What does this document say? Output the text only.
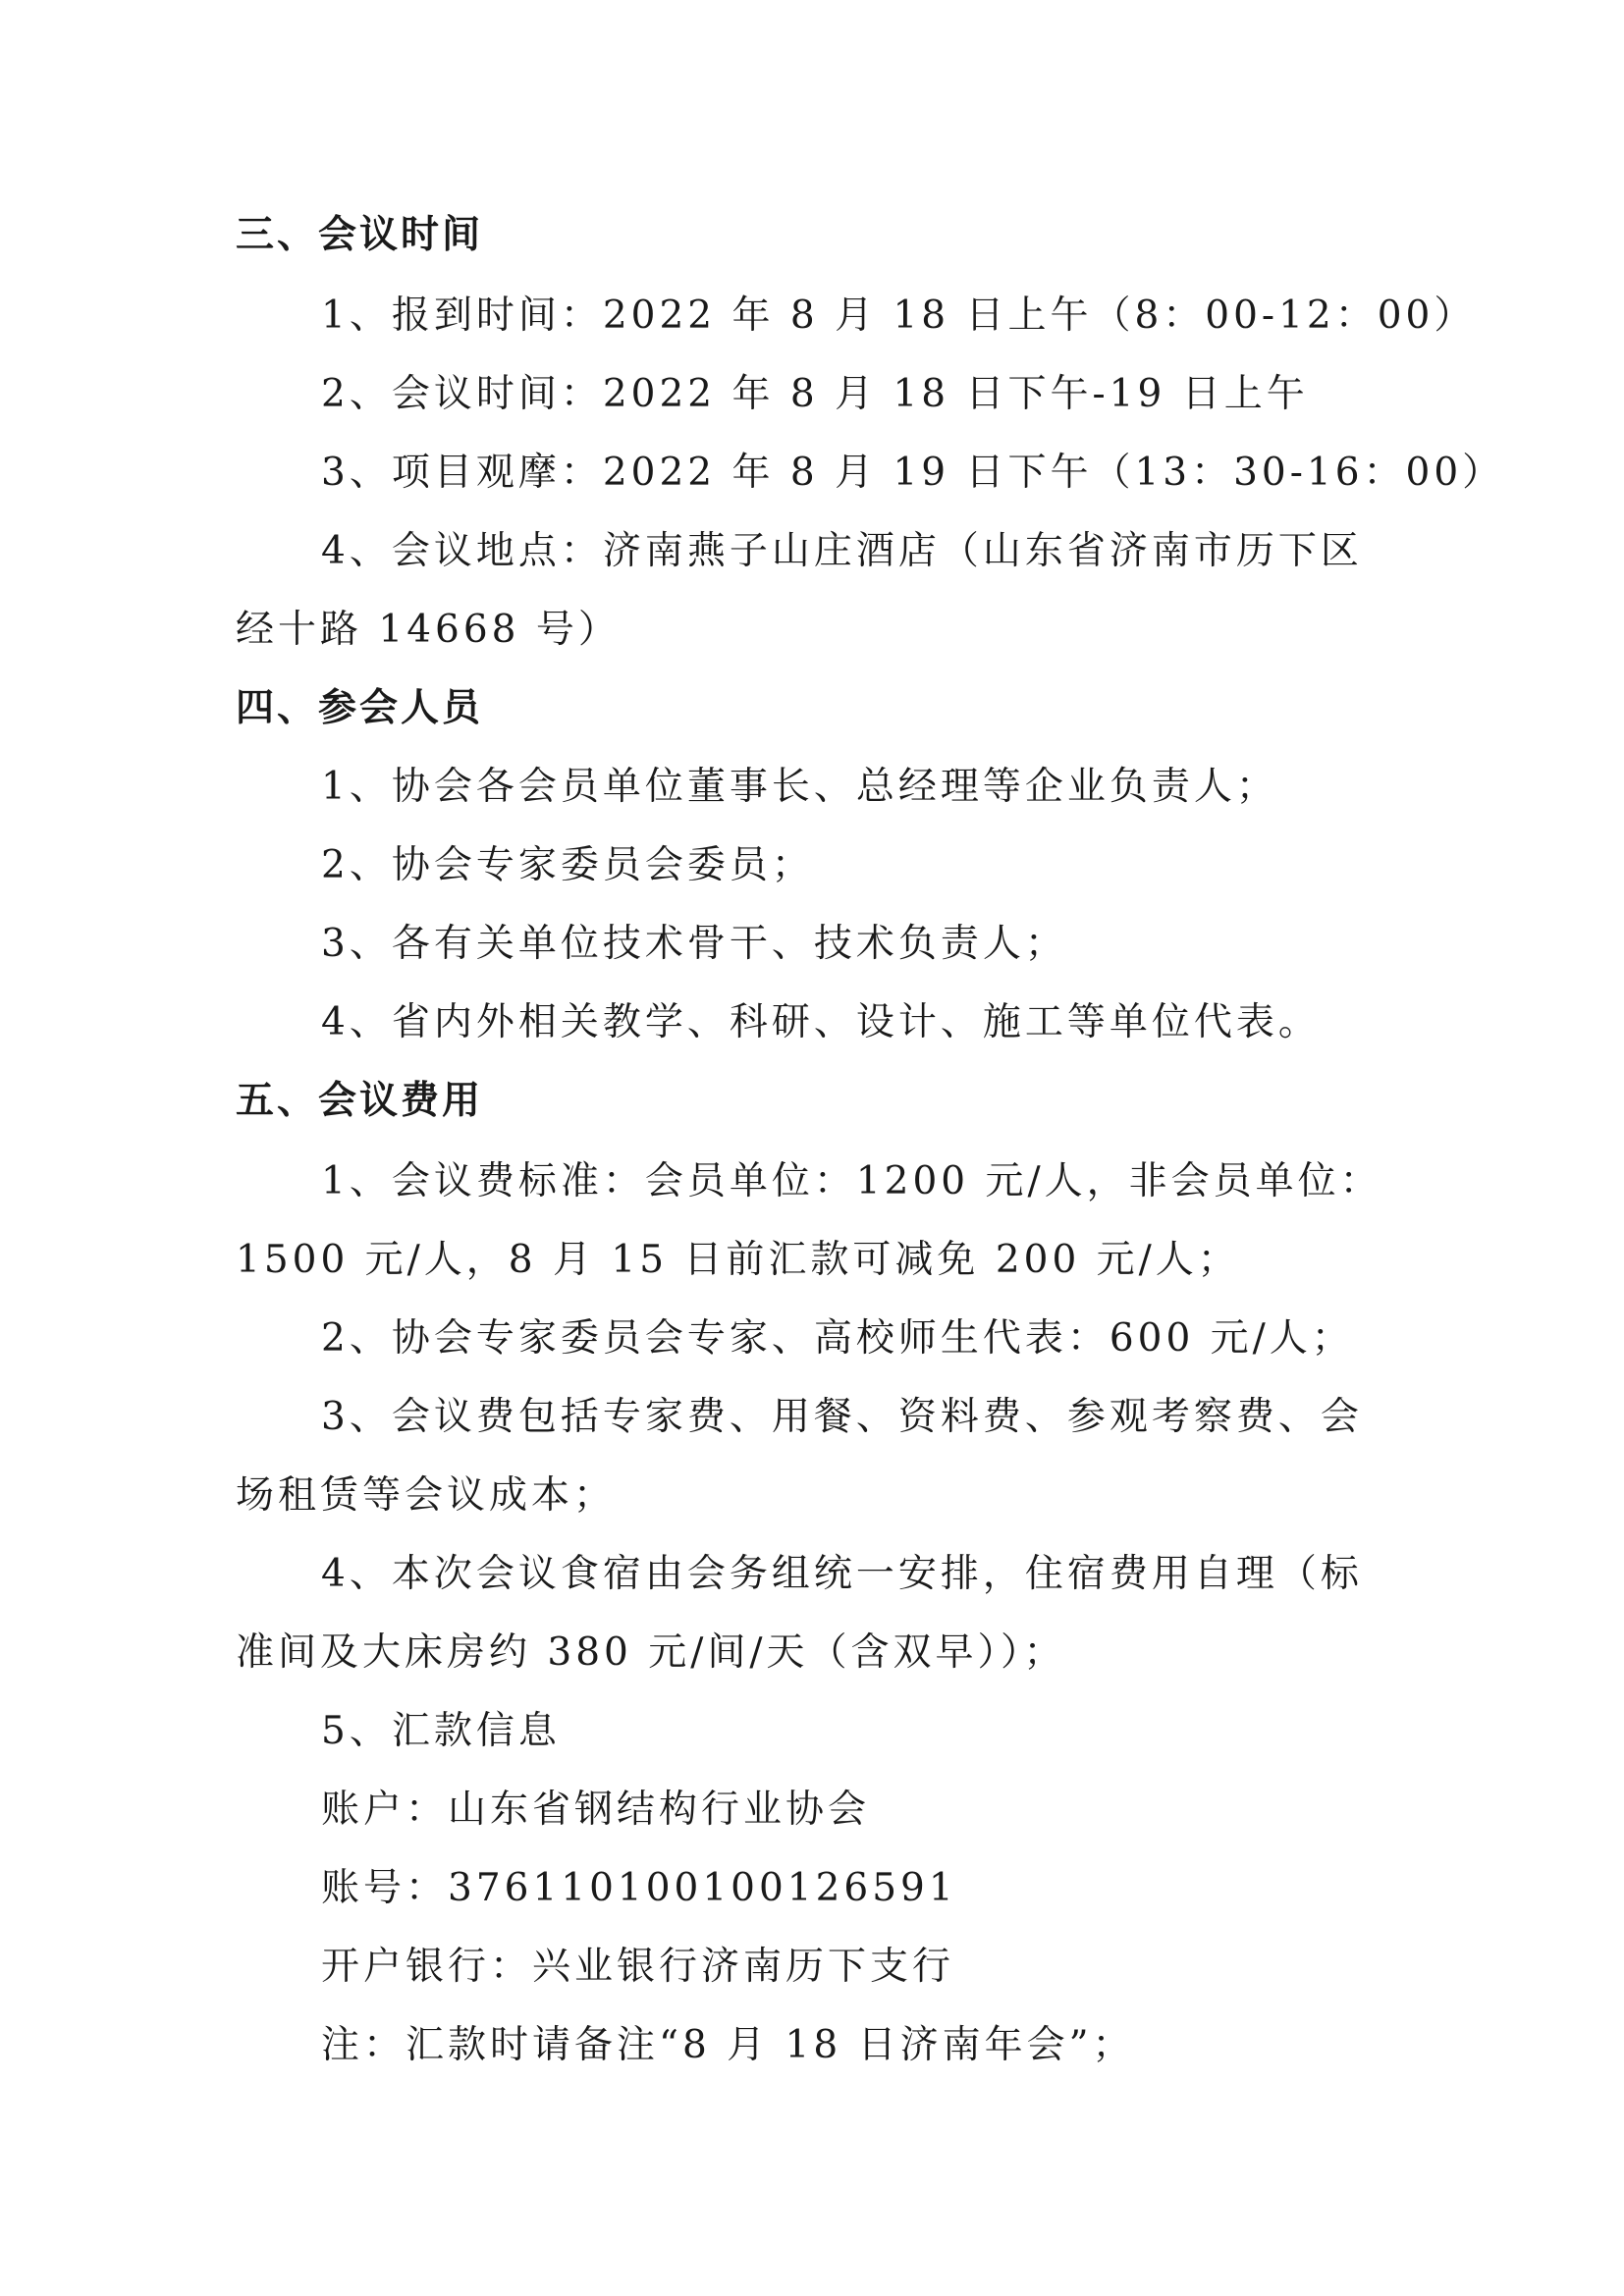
三、会议时间
1、报到时间：2022 年 8 月 18 日上午（8：00-12：00）
2、会议时间：2022 年 8 月 18 日下午-19 日上午
3、项目观摩：2022 年 8 月 19 日下午（13：30-16：00）
4、会议地点：济南燕子山庄酒店（山东省济南市历下区
经十路 14668 号）
四、参会人员
1、协会各会员单位董事长、总经理等企业负责人；
2、协会专家委员会委员；
3、各有关单位技术骨干、技术负责人；
4、省内外相关教学、科研、设计、施工等单位代表。
五、会议费用
1、会议费标准：会员单位：1200 元/人，非会员单位：
1500 元/人，8 月 15 日前汇款可减免 200 元/人；
2、协会专家委员会专家、高校师生代表：600 元/人；
3、会议费包括专家费、用餐、资料费、参观考察费、会
场租赁等会议成本；
4、本次会议食宿由会务组统一安排，住宿费用自理（标
准间及大床房约 380 元/间/天（含双早））；
5、汇款信息
账户：山东省钢结构行业协会
账号：376110100100126591
开户银行：兴业银行济南历下支行
注：汇款时请备注“8 月 18 日济南年会”；
